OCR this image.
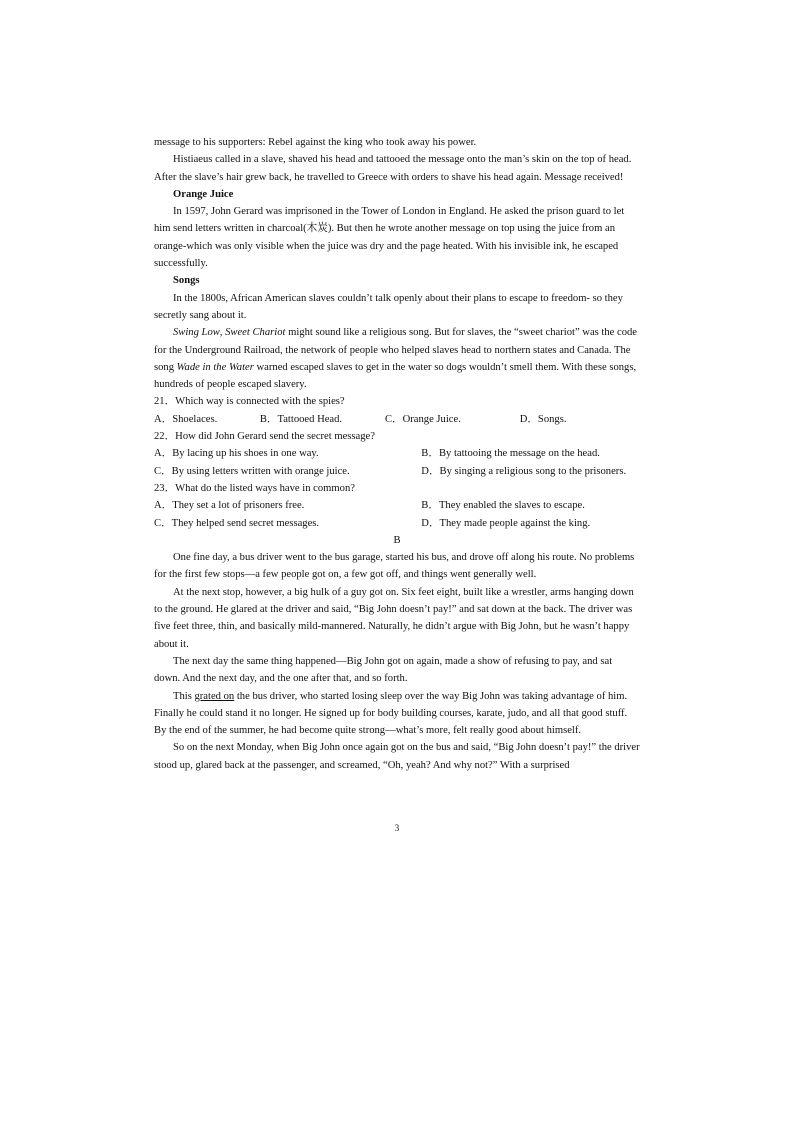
message to his supporters: Rebel against the king who took away his power.

Histiaeus called in a slave, shaved his head and tattooed the message onto the man’s skin on the top of head. After the slave’s hair grew back, he travelled to Greece with orders to shave his head again. Message received!

Orange Juice

In 1597, John Gerard was imprisoned in the Tower of London in England. He asked the prison guard to let him send letters written in charcoal(木炭). But then he wrote another message on top using the juice from an orange-which was only visible when the juice was dry and the page heated. With his invisible ink, he escaped successfully.

Songs

In the 1800s, African American slaves couldn’t talk openly about their plans to escape to freedom- so they secretly sang about it.

Swing Low, Sweet Chariot might sound like a religious song. But for slaves, the “sweet chariot” was the code for the Underground Railroad, the network of people who helped slaves head to northern states and Canada. The song Wade in the Water warned escaped slaves to get in the water so dogs wouldn’t smell them. With these songs, hundreds of people escaped slavery.

21．Which way is connected with the spies?

A．Shoelaces.	B．Tattooed Head.	C．Orange Juice.	D．Songs.

22．How did John Gerard send the secret message?

A．By lacing up his shoes in one way.	B．By tattooing the message on the head.
C．By using letters written with orange juice.	D．By singing a religious song to the prisoners.

23．What do the listed ways have in common?

A．They set a lot of prisoners free.	B．They enabled the slaves to escape.
C．They helped send secret messages.	D．They made people against the king.

B

One fine day, a bus driver went to the bus garage, started his bus, and drove off along his route. No problems for the first few stops—a few people got on, a few got off, and things went generally well.

At the next stop, however, a big hulk of a guy got on. Six feet eight, built like a wrestler, arms hanging down to the ground. He glared at the driver and said, “Big John doesn’t pay!” and sat down at the back. The driver was five feet three, thin, and basically mild-mannered. Naturally, he didn’t argue with Big John, but he wasn’t happy about it.

The next day the same thing happened—Big John got on again, made a show of refusing to pay, and sat down. And the next day, and the one after that, and so forth.

This grated on the bus driver, who started losing sleep over the way Big John was taking advantage of him. Finally he could stand it no longer. He signed up for body building courses, karate, judo, and all that good stuff. By the end of the summer, he had become quite strong—what’s more, felt really good about himself.

So on the next Monday, when Big John once again got on the bus and said, “Big John doesn’t pay!” the driver stood up, glared back at the passenger, and screamed, “Oh, yeah? And why not?” With a surprised

3
